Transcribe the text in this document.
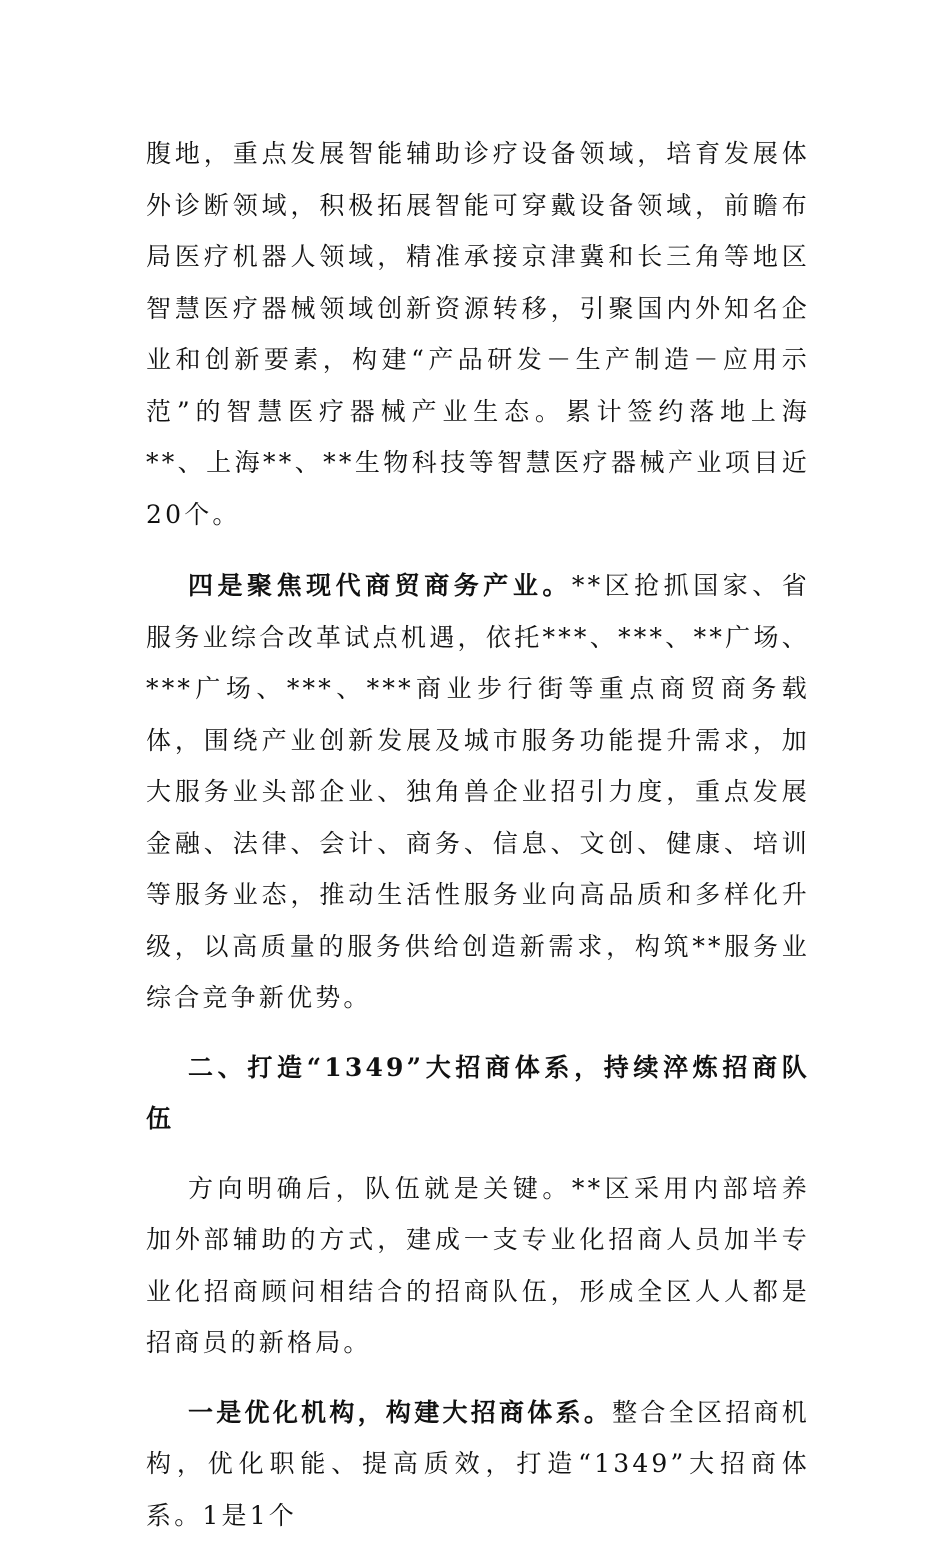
腹地，重点发展智能辅助诊疗设备领域，培育发展体外诊断领域，积极拓展智能可穿戴设备领域，前瞻布局医疗机器人领域，精准承接京津冀和长三角等地区智慧医疗器械领域创新资源转移，引聚国内外知名企业和创新要素，构建“产品研发－生产制造－应用示范”的智慧医疗器械产业生态。累计签约落地上海**、上海**、**生物科技等智慧医疗器械产业项目近20个。

四是聚焦现代商贸商务产业。**区抢抓国家、省服务业综合改革试点机遇，依托***、***、**广场、***广场、***、***商业步行街等重点商贸商务载体，围绕产业创新发展及城市服务功能提升需求，加大服务业头部企业、独角兽企业招引力度，重点发展金融、法律、会计、商务、信息、文创、健康、培训等服务业态，推动生活性服务业向高品质和多样化升级，以高质量的服务供给创造新需求，构筑**服务业综合竞争新优势。

二、打造“1349”大招商体系，持续淬炼招商队伍

方向明确后，队伍就是关键。**区采用内部培养加外部辅助的方式，建成一支专业化招商人员加半专业化招商顾问相结合的招商队伍，形成全区人人都是招商员的新格局。

一是优化机构，构建大招商体系。整合全区招商机构，优化职能、提高质效，打造“1349”大招商体系。1是1个
